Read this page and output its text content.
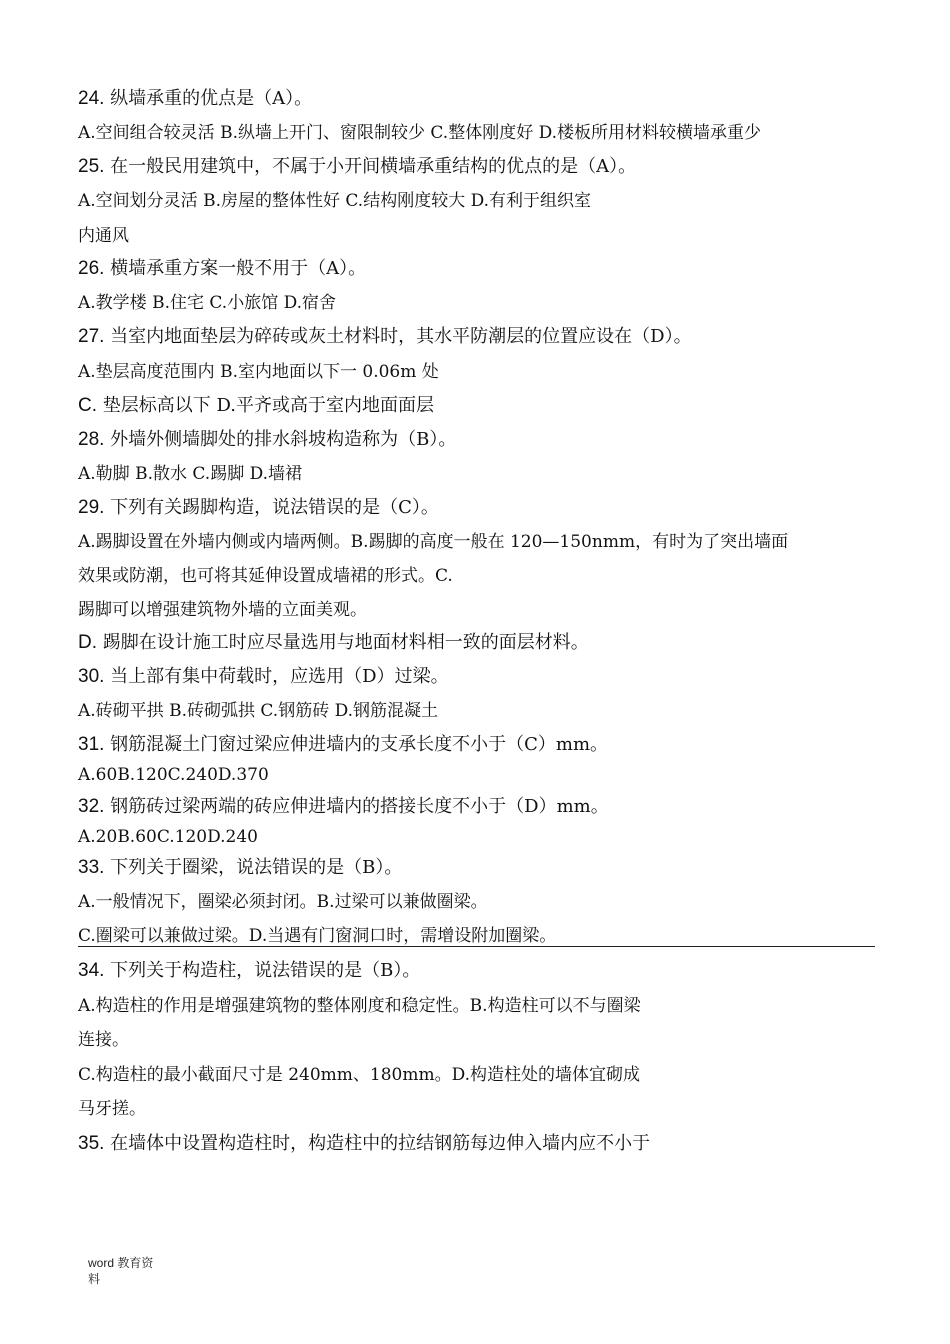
word 教育资
料
24. 纵墙承重的优点是（A）。
A.空间组合较灵活 B.纵墙上开门、窗限制较少 C.整体刚度好 D.楼板所用材料较横墙承重少
25. 在一般民用建筑中，不属于小开间横墙承重结构的优点的是（A）。
A.空间划分灵活 B.房屋的整体性好 C.结构刚度较大 D.有利于组织室
内通风
26. 横墙承重方案一般不用于（A）。
A.教学楼 B.住宅 C.小旅馆 D.宿舍
27. 当室内地面垫层为碎砖或灰土材料时，其水平防潮层的位置应设在（D）。
A.垫层高度范围内 B.室内地面以下一 0.06m 处
C. 垫层标高以下 D.平齐或高于室内地面面层
28. 外墙外侧墙脚处的排水斜坡构造称为（B）。
A.勒脚 B.散水 C.踢脚 D.墙裙
29. 下列有关踢脚构造，说法错误的是（C）。
A.踢脚设置在外墙内侧或内墙两侧。B.踢脚的高度一般在 120—150nmm，有时为了突出墙面
效果或防潮，也可将其延伸设置成墙裙的形式。C.
踢脚可以增强建筑物外墙的立面美观。
D. 踢脚在设计施工时应尽量选用与地面材料相一致的面层材料。
30. 当上部有集中荷载时，应选用（D）过梁。
A.砖砌平拱 B.砖砌弧拱 C.钢筋砖 D.钢筋混凝土
31. 钢筋混凝土门窗过梁应伸进墙内的支承长度不小于（C）mm。
A.60B.120C.240D.370
32. 钢筋砖过梁两端的砖应伸进墙内的搭接长度不小于（D）mm。
A.20B.60C.120D.240
33. 下列关于圈梁，说法错误的是（B）。
A.一般情况下，圈梁必须封闭。B.过梁可以兼做圈梁。
C.圈梁可以兼做过梁。D.当遇有门窗洞口时，需增设附加圈梁。
34. 下列关于构造柱，说法错误的是（B）。
A.构造柱的作用是增强建筑物的整体刚度和稳定性。B.构造柱可以不与圈梁
连接。
C.构造柱的最小截面尺寸是 240mm、180mm。D.构造柱处的墙体宜砌成
马牙搓。
35. 在墙体中设置构造柱时，构造柱中的拉结钢筋每边伸入墙内应不小于
